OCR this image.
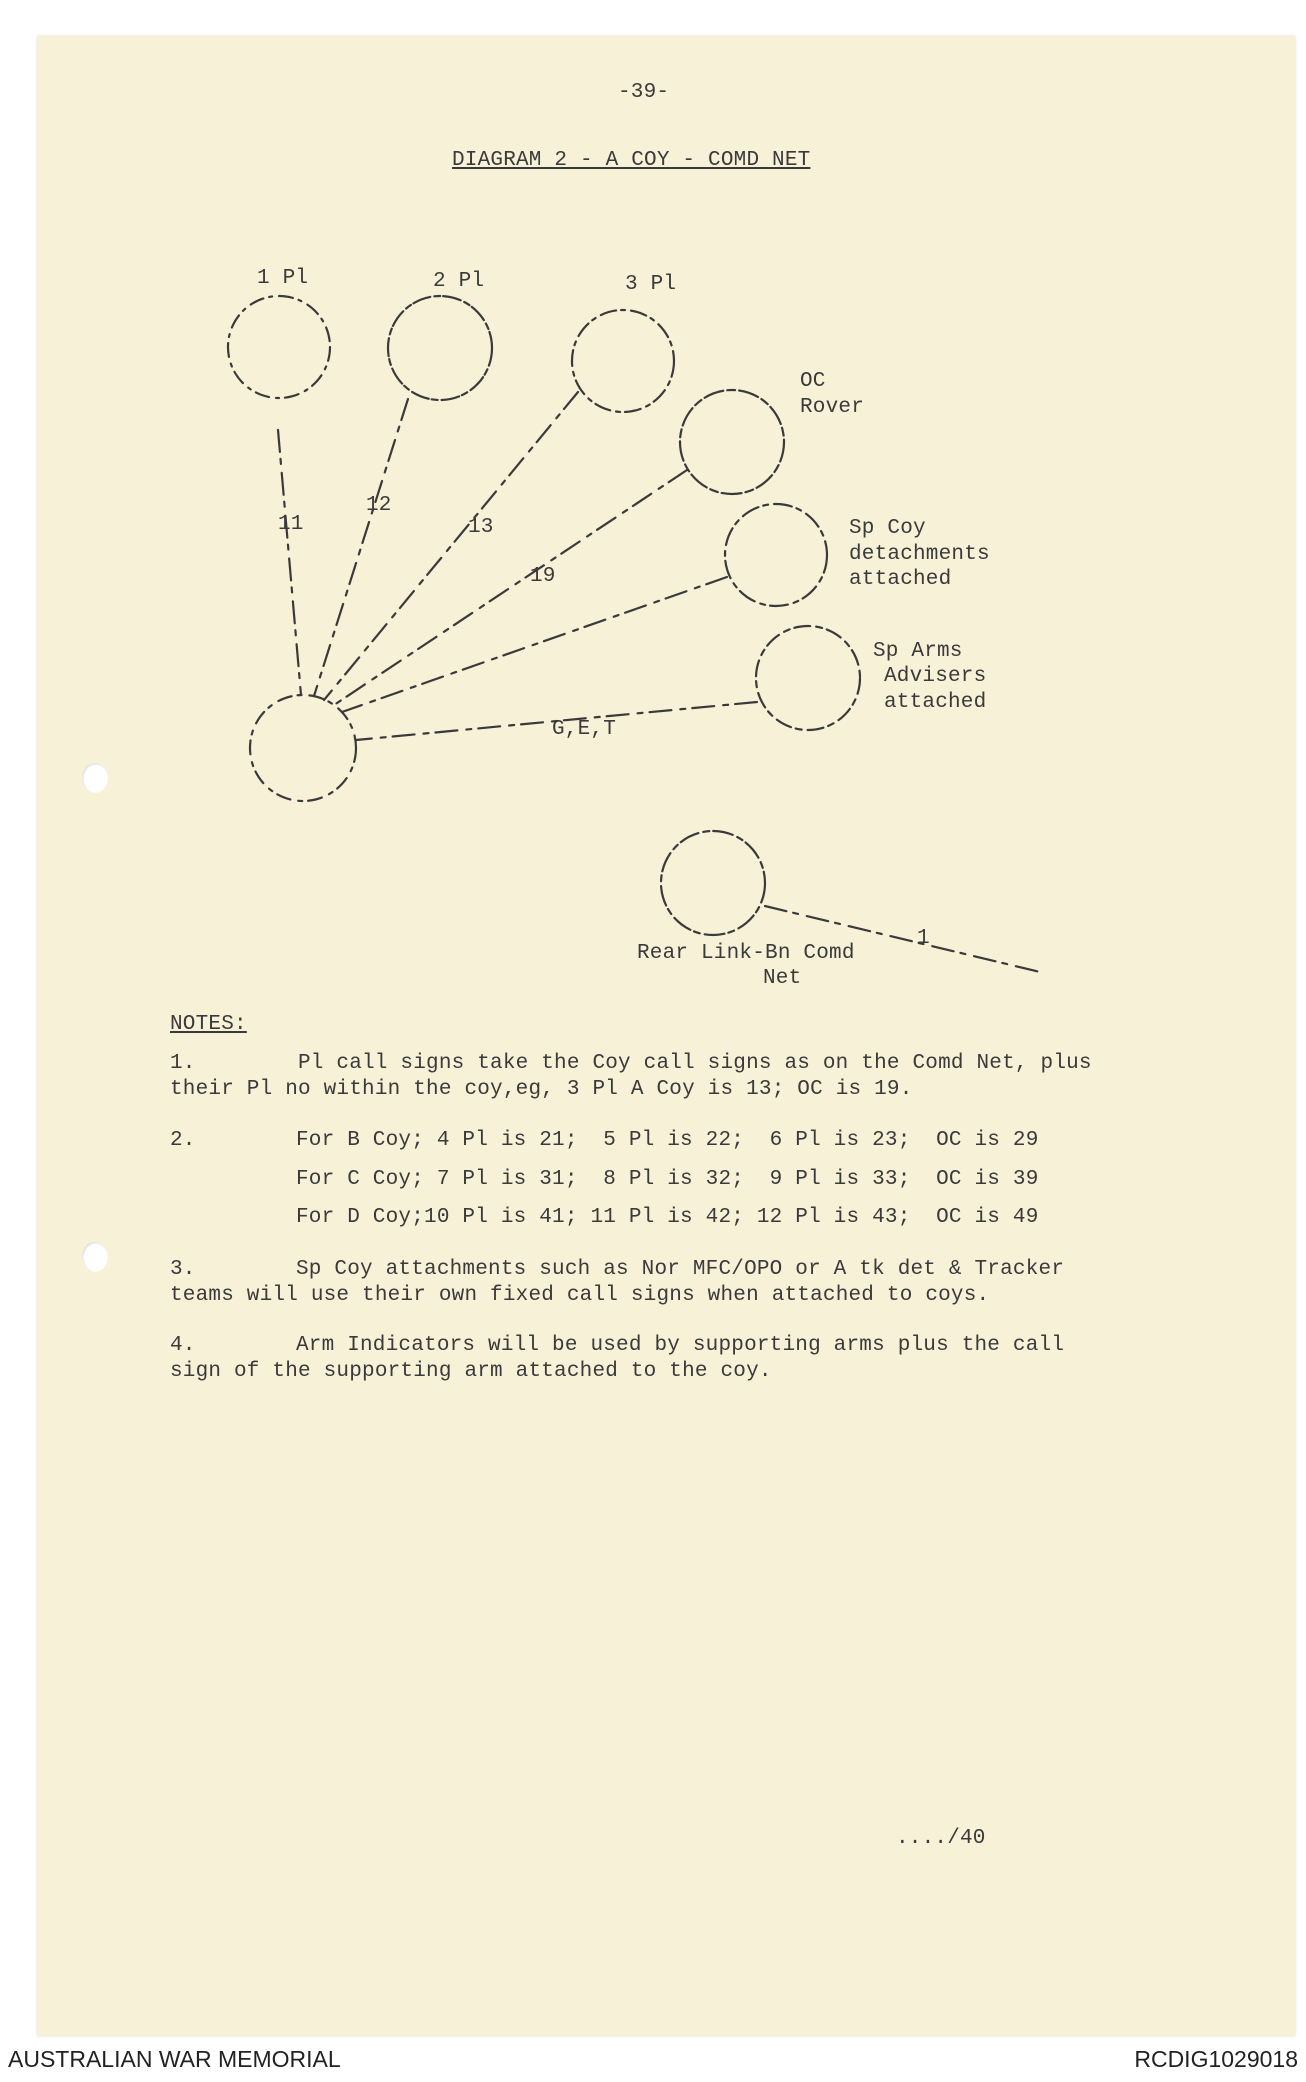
-39-
DIAGRAM 2 - A COY - COMD NET
1 Pl	2 Pl	3 Pl
OC
Rover
Sp Coy
detachments
attached
Sp Arms
Advisers
attached
Rear Link-Bn Comd
Net
11
12
13
19
G,E,T
1
NOTES:
1.	Pl call signs take the Coy call signs as on the Comd Net, plus
their Pl no within the coy,eg, 3 Pl A Coy is 13; OC is 19.
2.	For B Coy; 4 Pl is 21;  5 Pl is 22;  6 Pl is 23;  OC is 29
For C Coy; 7 Pl is 31;  8 Pl is 32;  9 Pl is 33;  OC is 39
For D Coy;10 Pl is 41; 11 Pl is 42; 12 Pl is 43;  OC is 49
3.	Sp Coy attachments such as Nor MFC/OPO or A tk det & Tracker
teams will use their own fixed call signs when attached to coys.
4.	Arm Indicators will be used by supporting arms plus the call
sign of the supporting arm attached to the coy.
..../40
AUSTRALIAN WAR MEMORIAL	RCDIG1029018
